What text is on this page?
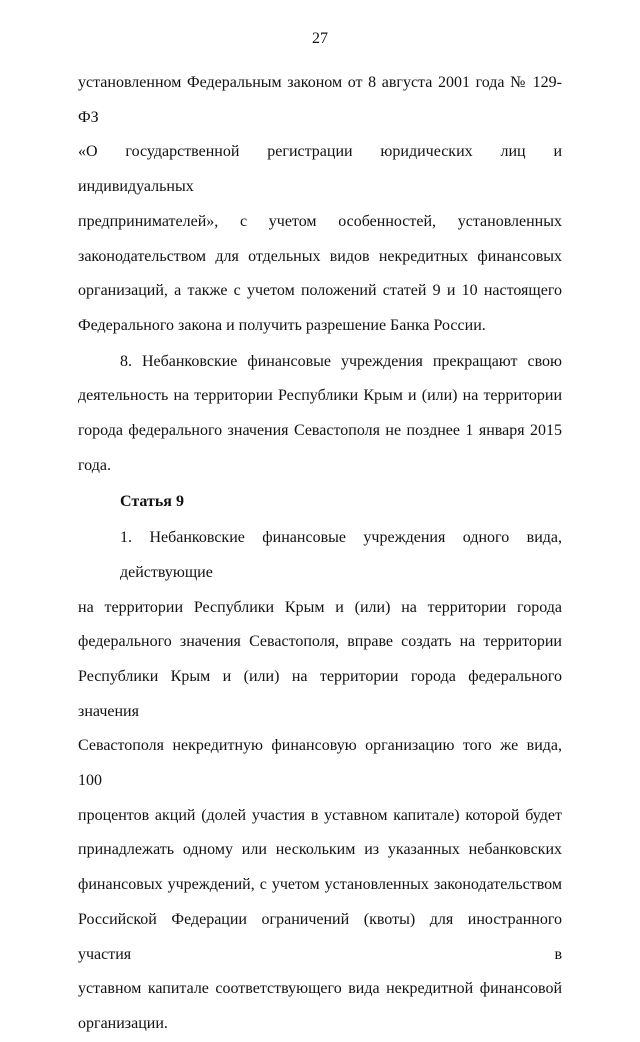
27
установленном Федеральным законом от 8 августа 2001 года № 129-ФЗ
«О государственной регистрации юридических лиц и индивидуальных
предпринимателей», с учетом особенностей, установленных
законодательством для отдельных видов некредитных финансовых
организаций, а также с учетом положений статей 9 и 10 настоящего
Федерального закона и получить разрешение Банка России.
8. Небанковские финансовые учреждения прекращают свою
деятельность на территории Республики Крым и (или) на территории
города федерального значения Севастополя не позднее 1 января 2015 года.
Статья 9
1. Небанковские финансовые учреждения одного вида, действующие
на территории Республики Крым и (или) на территории города
федерального значения Севастополя, вправе создать на территории
Республики Крым и (или) на территории города федерального значения
Севастополя некредитную финансовую организацию того же вида, 100
процентов акций (долей участия в уставном капитале) которой будет
принадлежать одному или нескольким из указанных небанковских
финансовых учреждений, с учетом установленных законодательством
Российской Федерации ограничений (квоты) для иностранного участия в
уставном капитале соответствующего вида некредитной финансовой
организации.
